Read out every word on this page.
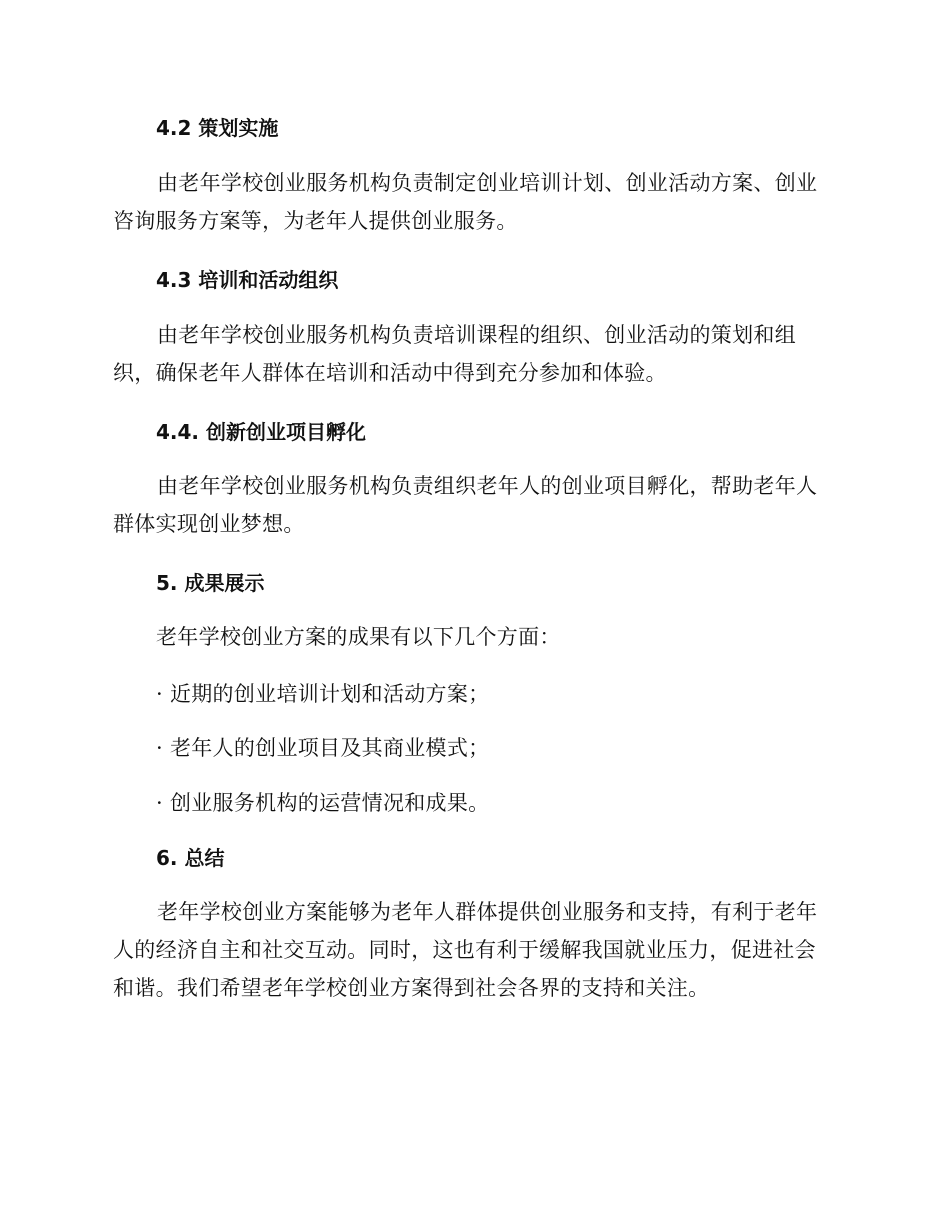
4.2 策划实施
由老年学校创业服务机构负责制定创业培训计划、创业活动方案、创业咨询服务方案等，为老年人提供创业服务。
4.3 培训和活动组织
由老年学校创业服务机构负责培训课程的组织、创业活动的策划和组织，确保老年人群体在培训和活动中得到充分参加和体验。
4.4. 创新创业项目孵化
由老年学校创业服务机构负责组织老年人的创业项目孵化，帮助老年人群体实现创业梦想。
5. 成果展示
老年学校创业方案的成果有以下几个方面：
· 近期的创业培训计划和活动方案；
· 老年人的创业项目及其商业模式；
· 创业服务机构的运营情况和成果。
6. 总结
老年学校创业方案能够为老年人群体提供创业服务和支持，有利于老年人的经济自主和社交互动。同时，这也有利于缓解我国就业压力，促进社会和谐。我们希望老年学校创业方案得到社会各界的支持和关注。
